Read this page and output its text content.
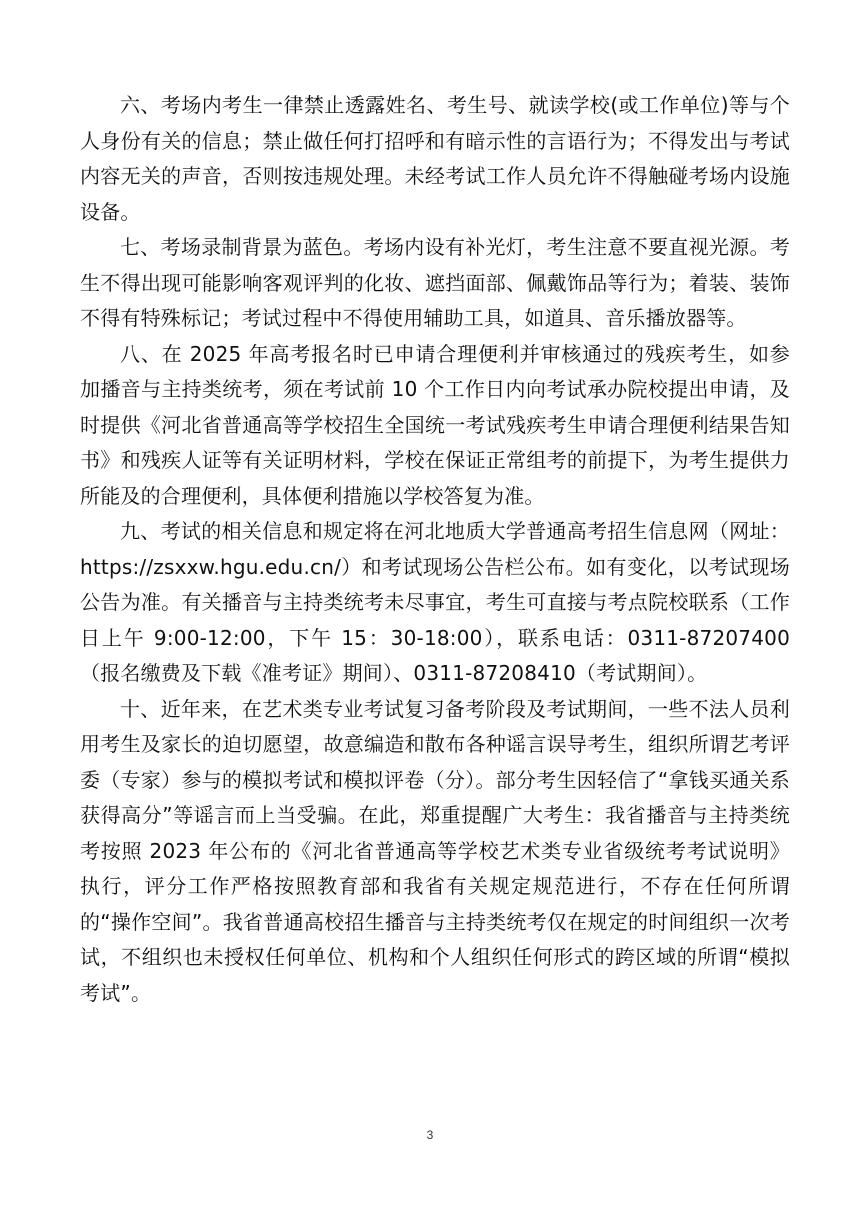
六、考场内考生一律禁止透露姓名、考生号、就读学校(或工作单位)等与个人身份有关的信息；禁止做任何打招呼和有暗示性的言语行为；不得发出与考试内容无关的声音，否则按违规处理。未经考试工作人员允许不得触碰考场内设施设备。

七、考场录制背景为蓝色。考场内设有补光灯，考生注意不要直视光源。考生不得出现可能影响客观评判的化妆、遮挡面部、佩戴饰品等行为；着装、装饰不得有特殊标记；考试过程中不得使用辅助工具，如道具、音乐播放器等。

八、在 2025 年高考报名时已申请合理便利并审核通过的残疾考生，如参加播音与主持类统考，须在考试前 10 个工作日内向考试承办院校提出申请，及时提供《河北省普通高等学校招生全国统一考试残疾考生申请合理便利结果告知书》和残疾人证等有关证明材料，学校在保证正常组考的前提下，为考生提供力所能及的合理便利，具体便利措施以学校答复为准。

九、考试的相关信息和规定将在河北地质大学普通高考招生信息网（网址：https://zsxxw.hgu.edu.cn/）和考试现场公告栏公布。如有变化，以考试现场公告为准。有关播音与主持类统考未尽事宜，考生可直接与考点院校联系（工作日上午 9:00-12:00，下午 15：30-18:00），联系电话：0311-87207400（报名缴费及下载《准考证》期间）、0311-87208410（考试期间）。

十、近年来，在艺术类专业考试复习备考阶段及考试期间，一些不法人员利用考生及家长的迫切愿望，故意编造和散布各种谣言误导考生，组织所谓艺考评委（专家）参与的模拟考试和模拟评卷（分）。部分考生因轻信了“拿钱买通关系获得高分”等谣言而上当受骗。在此，郑重提醒广大考生：我省播音与主持类统考按照 2023 年公布的《河北省普通高等学校艺术类专业省级统考考试说明》执行，评分工作严格按照教育部和我省有关规定规范进行，不存在任何所谓的“操作空间”。我省普通高校招生播音与主持类统考仅在规定的时间组织一次考试，不组织也未授权任何单位、机构和个人组织任何形式的跨区域的所谓“模拟考试”。

3
